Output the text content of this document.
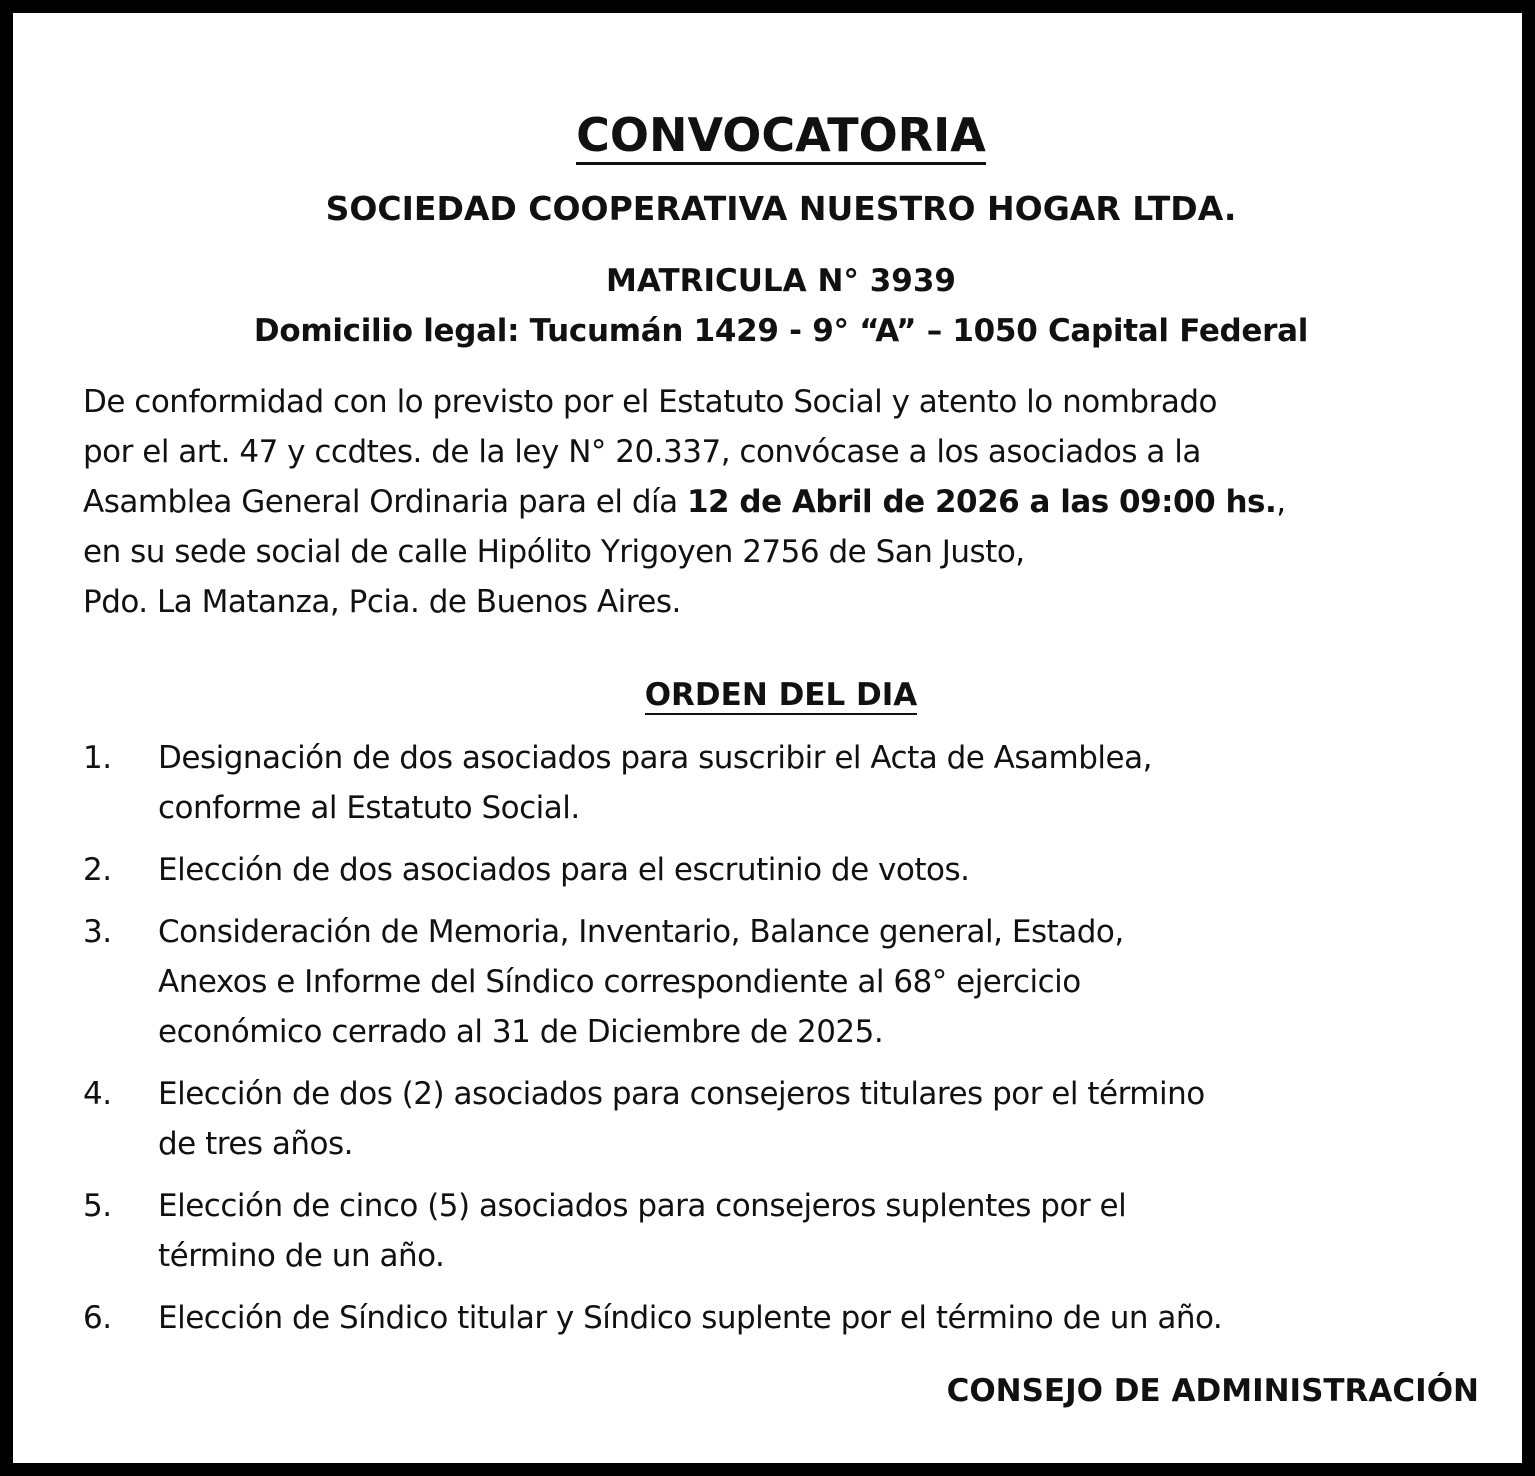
CONVOCATORIA
SOCIEDAD COOPERATIVA NUESTRO HOGAR LTDA.
MATRICULA N° 3939
Domicilio legal: Tucumán 1429 - 9° “A” – 1050 Capital Federal
De conformidad con lo previsto por el Estatuto Social y atento lo nombrado
por el art. 47 y ccdtes. de la ley N° 20.337, convócase a los asociados a la
Asamblea General Ordinaria para el día 12 de Abril de 2026 a las 09:00 hs.,
en su sede social de calle Hipólito Yrigoyen 2756 de San Justo,
Pdo. La Matanza, Pcia. de Buenos Aires.
ORDEN DEL DIA
1.	Designación de dos asociados para suscribir el Acta de Asamblea,
conforme al Estatuto Social.
2.	Elección de dos asociados para el escrutinio de votos.
3.	Consideración de Memoria, Inventario, Balance general, Estado,
Anexos e Informe del Síndico correspondiente al 68° ejercicio
económico cerrado al 31 de Diciembre de 2025.
4.	Elección de dos (2) asociados para consejeros titulares por el término
de tres años.
5.	Elección de cinco (5) asociados para consejeros suplentes por el
término de un año.
6.	Elección de Síndico titular y Síndico suplente por el término de un año.
CONSEJO DE ADMINISTRACIÓN
